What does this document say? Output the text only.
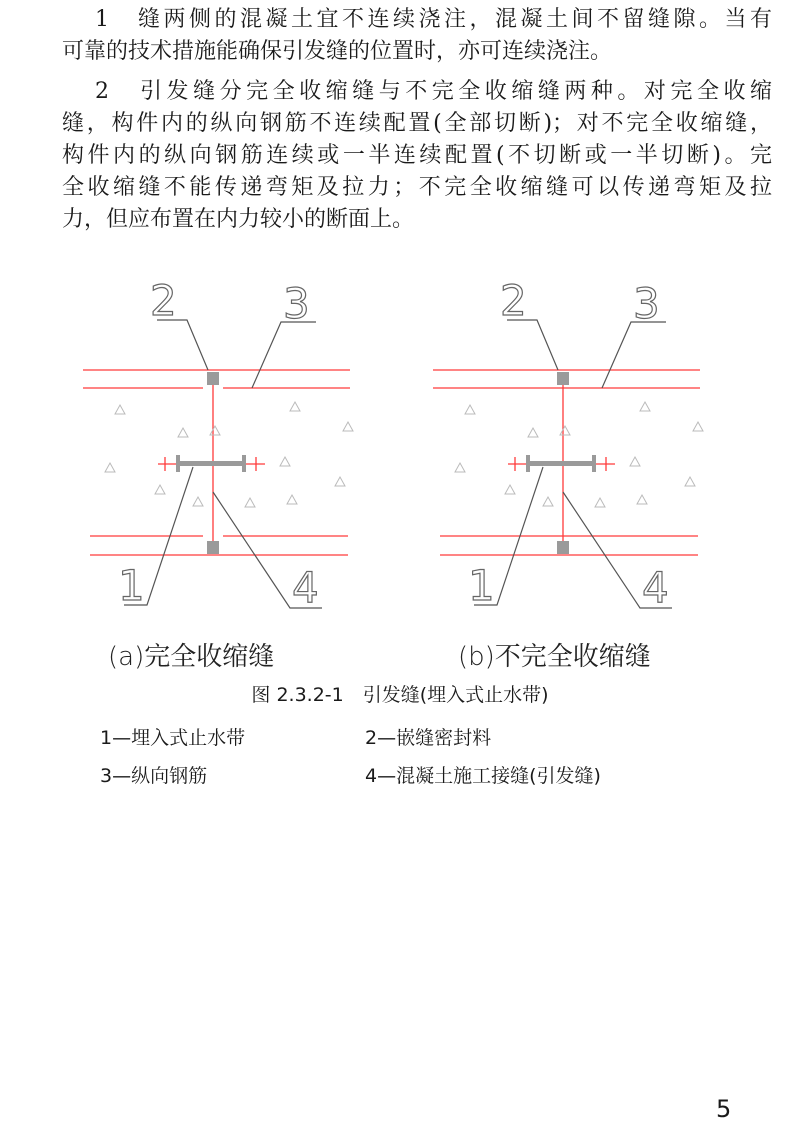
1　缝两侧的混凝土宜不连续浇注，混凝土间不留缝隙。当有
可靠的技术措施能确保引发缝的位置时，亦可连续浇注。
2　引发缝分完全收缩缝与不完全收缩缝两种。对完全收缩
缝，构件内的纵向钢筋不连续配置(全部切断)；对不完全收缩缝，
构件内的纵向钢筋连续或一半连续配置(不切断或一半切断)。完
全收缩缝不能传递弯矩及拉力；不完全收缩缝可以传递弯矩及拉
力，但应布置在内力较小的断面上。
1
2	3
4	1
2	3
4
(a)完全收缩缝	(b)不完全收缩缝
图 2.3.2-1　引发缝(埋入式止水带)
1—埋入式止水带	2—嵌缝密封料
3—纵向钢筋	4—混凝土施工接缝(引发缝)
5
